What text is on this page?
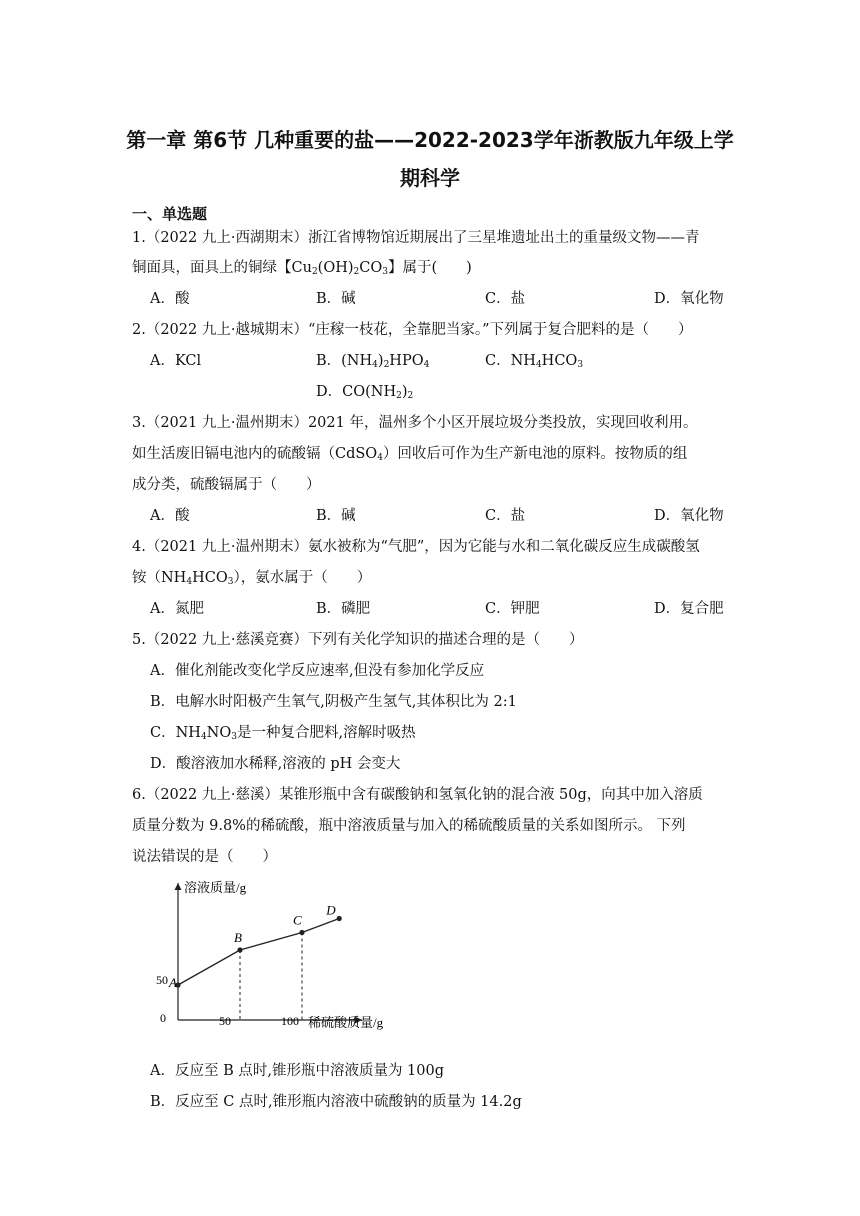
第一章 第6节 几种重要的盐——2022-2023学年浙教版九年级上学
期科学
一、单选题
1.（2022 九上·西湖期末）浙江省博物馆近期展出了三星堆遗址出土的重量级文物——青
铜面具，面具上的铜绿【$Cu_2(OH)_2CO_3$】属于(　　)
A．酸	B．碱	C．盐	D．氧化物
2.（2022 九上·越城期末）“庄稼一枝花，全靠肥当家。”下列属于复合肥料的是（　　）
A．KCl	B．$(NH_4)_2HPO_4$	C．$NH_4HCO_3$
D．$CO(NH_2)_2$
3.（2021 九上·温州期末）2021 年，温州多个小区开展垃圾分类投放，实现回收利用。
如生活废旧镉电池内的硫酸镉（CdSO$_4$）回收后可作为生产新电池的原料。按物质的组
成分类，硫酸镉属于（　　）
A．酸	B．碱	C．盐	D．氧化物
4.（2021 九上·温州期末）氨水被称为“气肥”，因为它能与水和二氧化碳反应生成碳酸氢
铵$(NH_4HCO_3)$，氨水属于（　　）
A．氮肥	B．磷肥	C．钾肥	D．复合肥
5.（2022 九上·慈溪竞赛）下列有关化学知识的描述合理的是（　　）
A．催化剂能改变化学反应速率,但没有参加化学反应
B．电解水时阳极产生氧气,阴极产生氢气,其体积比为 2:1
C．$NH_4NO_3$是一种复合肥料,溶解时吸热
D．酸溶液加水稀释,溶液的 pH 会变大
6.（2022 九上·慈溪）某锥形瓶中含有碳酸钠和氢氧化钠的混合液 50g，向其中加入溶质
质量分数为 9.8%的稀硫酸，瓶中溶液质量与加入的稀硫酸质量的关系如图所示。 下列
说法错误的是（　　）
溶液质量/g
稀硫酸质量/g
0
50
50	100
A
B
C
D
A．反应至 B 点时,锥形瓶中溶液质量为 100g
B．反应至 C 点时,锥形瓶内溶液中硫酸钠的质量为 14.2g
